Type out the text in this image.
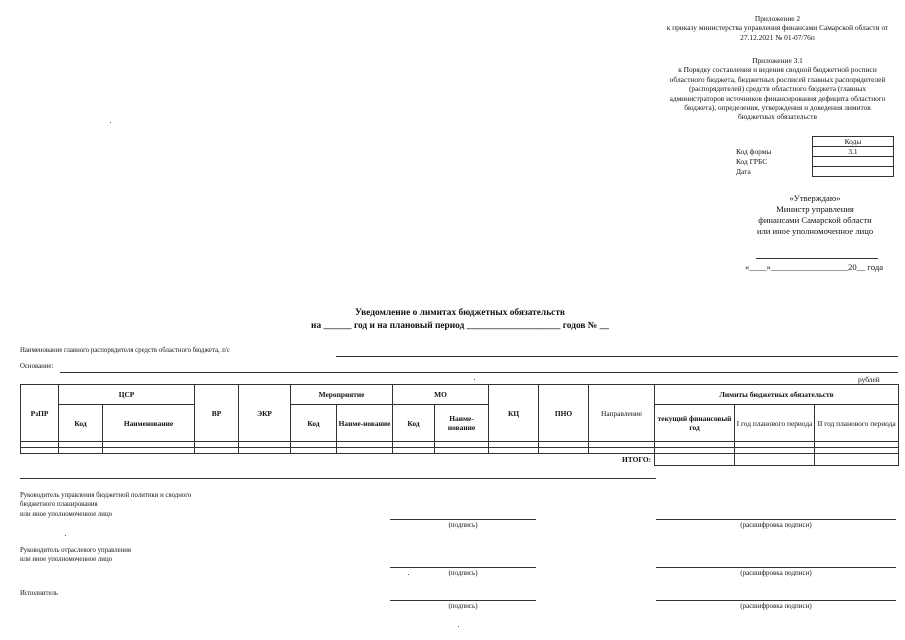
Приложение 2
к приказу министерства управления финансами Самарской области от
27.12.2021 № 01-07/76п
Приложение 3.1
к Порядку составления и ведения сводной бюджетной росписи
областного бюджета, бюджетных росписей главных распорядителей
(распорядителей) средств областного бюджета (главных
администраторов источников финансирования дефицита областного
бюджета), определения, утверждения и доведения лимитов
бюджетных обязательств
	Коды
Код формы	3.1
Код ГРБС	
Дата	
«Утверждаю»
Министр управления
финансами Самарской области
или иное уполномоченное лицо
«____»__________________20__ года
Уведомление о лимитах бюджетных обязательств
на ______ год и на плановый период ____________________ годов № __
Наименование главного распорядителя средств областного бюджета, л/с
Основание:
рублей
РзПР	ЦСР		ВР	ЭКР	Мероприятие		МО		КЦ	ПНО	Направление	Лимиты бюджетных обязательств		
	Код	Наименование			Код	Наиме-нование	Код	Наиме-нование				текущий финансовый год	I год планового периода	II год планового периода

ИТОГО:														
Руководитель управления бюджетной политики и сводного
бюджетного планирования
или иное уполномоченное лицо
(подпись)	(расшифровка подписи)
Руководитель отраслевого управления
или иное уполномоченное лицо
(подпись)	(расшифровка подписи)
Исполнитель
(подпись)	(расшифровка подписи)
